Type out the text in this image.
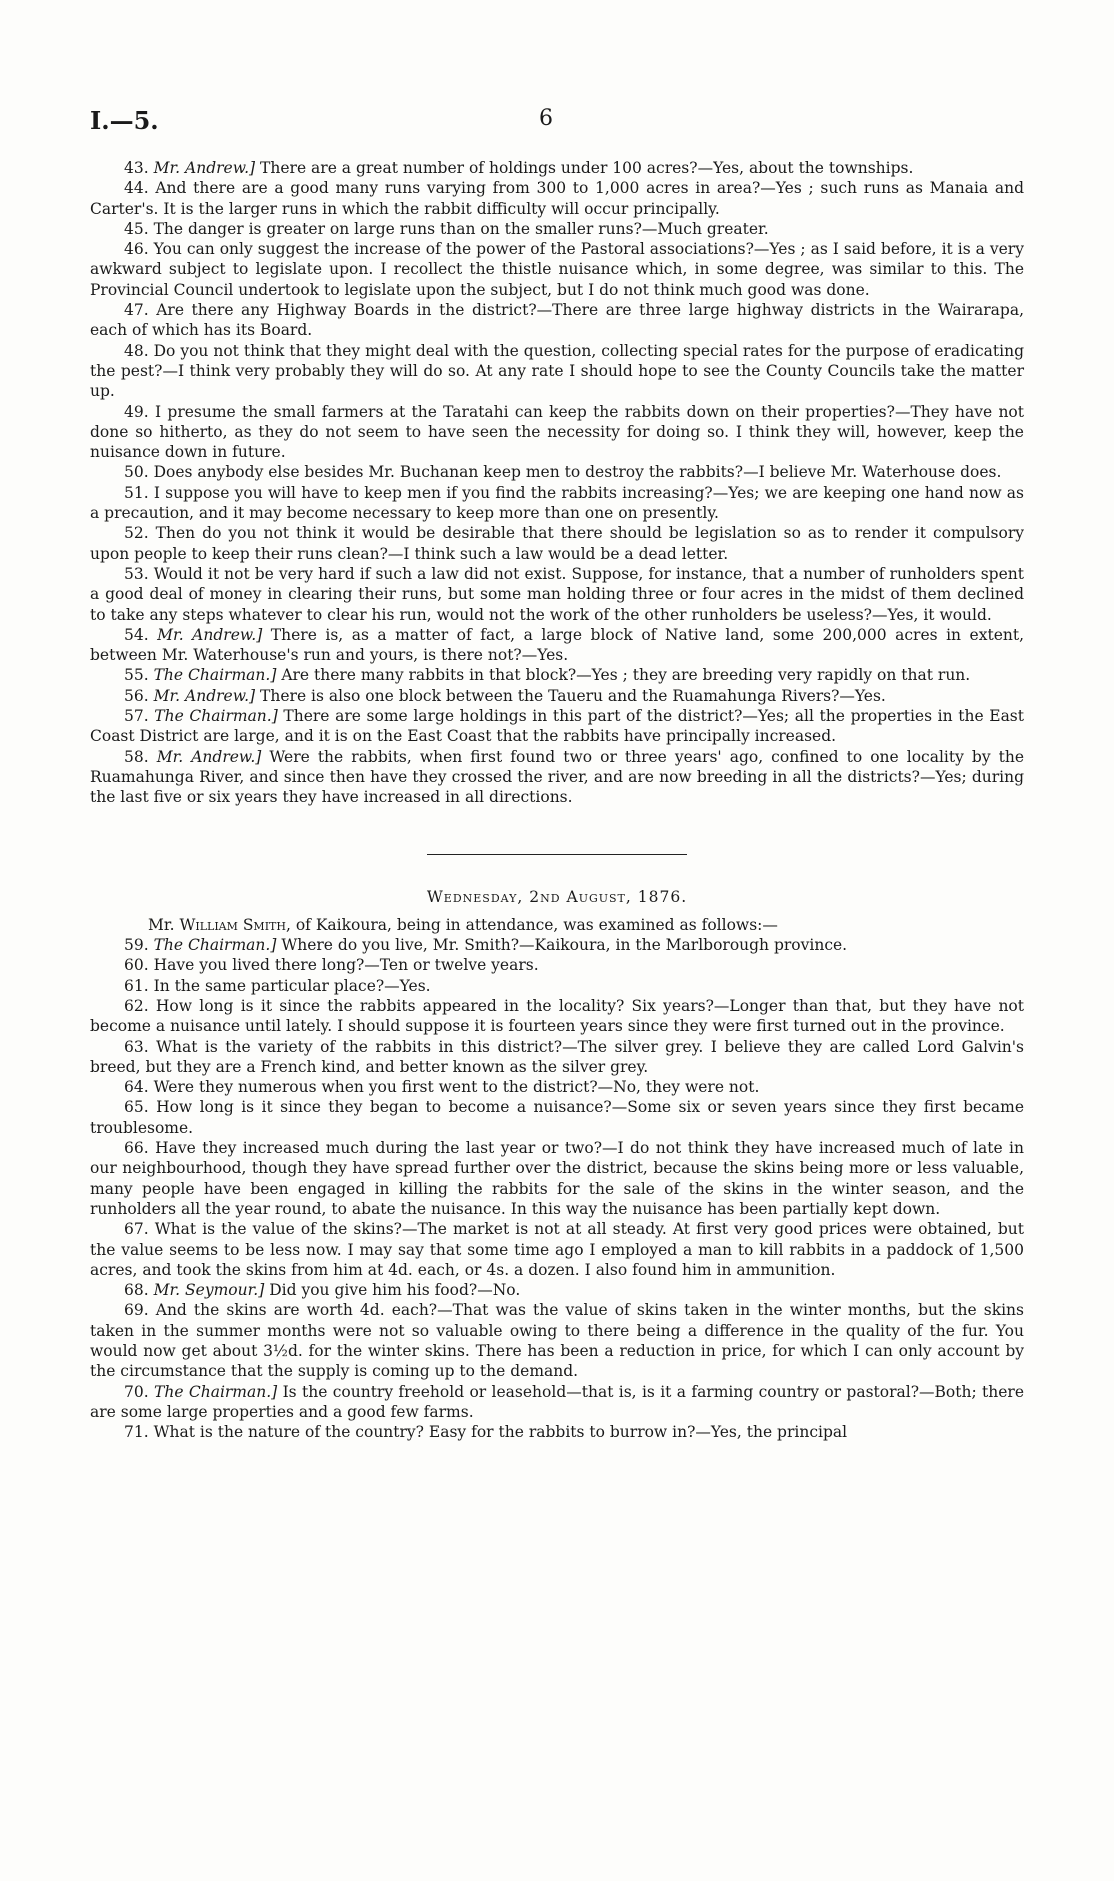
I.—5.	6

43. Mr. Andrew.] There are a great number of holdings under 100 acres?—Yes, about the townships.

44. And there are a good many runs varying from 300 to 1,000 acres in area?—Yes ; such runs as Manaia and Carter's. It is the larger runs in which the rabbit difficulty will occur principally.

45. The danger is greater on large runs than on the smaller runs?—Much greater.

46. You can only suggest the increase of the power of the Pastoral associations?—Yes ; as I said before, it is a very awkward subject to legislate upon. I recollect the thistle nuisance which, in some degree, was similar to this. The Provincial Council undertook to legislate upon the subject, but I do not think much good was done.

47. Are there any Highway Boards in the district?—There are three large highway districts in the Wairarapa, each of which has its Board.

48. Do you not think that they might deal with the question, collecting special rates for the purpose of eradicating the pest?—I think very probably they will do so. At any rate I should hope to see the County Councils take the matter up.

49. I presume the small farmers at the Taratahi can keep the rabbits down on their properties?—They have not done so hitherto, as they do not seem to have seen the necessity for doing so. I think they will, however, keep the nuisance down in future.

50. Does anybody else besides Mr. Buchanan keep men to destroy the rabbits?—I believe Mr. Waterhouse does.

51. I suppose you will have to keep men if you find the rabbits increasing?—Yes; we are keeping one hand now as a precaution, and it may become necessary to keep more than one on presently.

52. Then do you not think it would be desirable that there should be legislation so as to render it compulsory upon people to keep their runs clean?—I think such a law would be a dead letter.

53. Would it not be very hard if such a law did not exist. Suppose, for instance, that a number of runholders spent a good deal of money in clearing their runs, but some man holding three or four acres in the midst of them declined to take any steps whatever to clear his run, would not the work of the other runholders be useless?—Yes, it would.

54. Mr. Andrew.] There is, as a matter of fact, a large block of Native land, some 200,000 acres in extent, between Mr. Waterhouse's run and yours, is there not?—Yes.

55. The Chairman.] Are there many rabbits in that block?—Yes ; they are breeding very rapidly on that run.

56. Mr. Andrew.] There is also one block between the Taueru and the Ruamahunga Rivers?—Yes.

57. The Chairman.] There are some large holdings in this part of the district?—Yes; all the properties in the East Coast District are large, and it is on the East Coast that the rabbits have principally increased.

58. Mr. Andrew.] Were the rabbits, when first found two or three years' ago, confined to one locality by the Ruamahunga River, and since then have they crossed the river, and are now breeding in all the districts?—Yes; during the last five or six years they have increased in all directions.

Wednesday, 2nd August, 1876.

Mr. William Smith, of Kaikoura, being in attendance, was examined as follows:—

59. The Chairman.] Where do you live, Mr. Smith?—Kaikoura, in the Marlborough province.

60. Have you lived there long?—Ten or twelve years.

61. In the same particular place?—Yes.

62. How long is it since the rabbits appeared in the locality? Six years?—Longer than that, but they have not become a nuisance until lately. I should suppose it is fourteen years since they were first turned out in the province.

63. What is the variety of the rabbits in this district?—The silver grey. I believe they are called Lord Galvin's breed, but they are a French kind, and better known as the silver grey.

64. Were they numerous when you first went to the district?—No, they were not.

65. How long is it since they began to become a nuisance?—Some six or seven years since they first became troublesome.

66. Have they increased much during the last year or two?—I do not think they have increased much of late in our neighbourhood, though they have spread further over the district, because the skins being more or less valuable, many people have been engaged in killing the rabbits for the sale of the skins in the winter season, and the runholders all the year round, to abate the nuisance. In this way the nuisance has been partially kept down.

67. What is the value of the skins?—The market is not at all steady. At first very good prices were obtained, but the value seems to be less now. I may say that some time ago I employed a man to kill rabbits in a paddock of 1,500 acres, and took the skins from him at 4d. each, or 4s. a dozen. I also found him in ammunition.

68. Mr. Seymour.] Did you give him his food?—No.

69. And the skins are worth 4d. each?—That was the value of skins taken in the winter months, but the skins taken in the summer months were not so valuable owing to there being a difference in the quality of the fur. You would now get about 3½d. for the winter skins. There has been a reduction in price, for which I can only account by the circumstance that the supply is coming up to the demand.

70. The Chairman.] Is the country freehold or leasehold—that is, is it a farming country or pastoral?—Both; there are some large properties and a good few farms.

71. What is the nature of the country? Easy for the rabbits to burrow in?—Yes, the principal
